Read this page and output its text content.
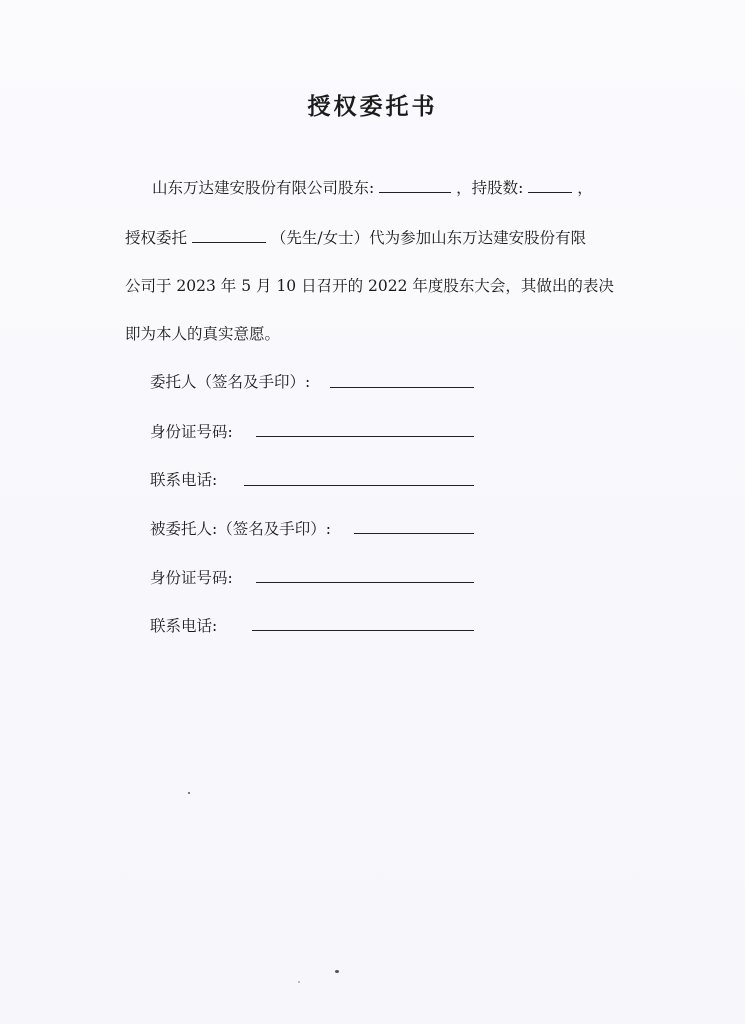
授权委托书
山东万达建安股份有限公司股东:	，持股数:	，
授权委托	（先生/女士）代为参加山东万达建安股份有限
公司于 2023 年 5 月 10 日召开的 2022 年度股东大会，其做出的表决
即为本人的真实意愿。
委托人（签名及手印）:
身份证号码:
联系电话:
被委托人:（签名及手印）:
身份证号码:
联系电话:
